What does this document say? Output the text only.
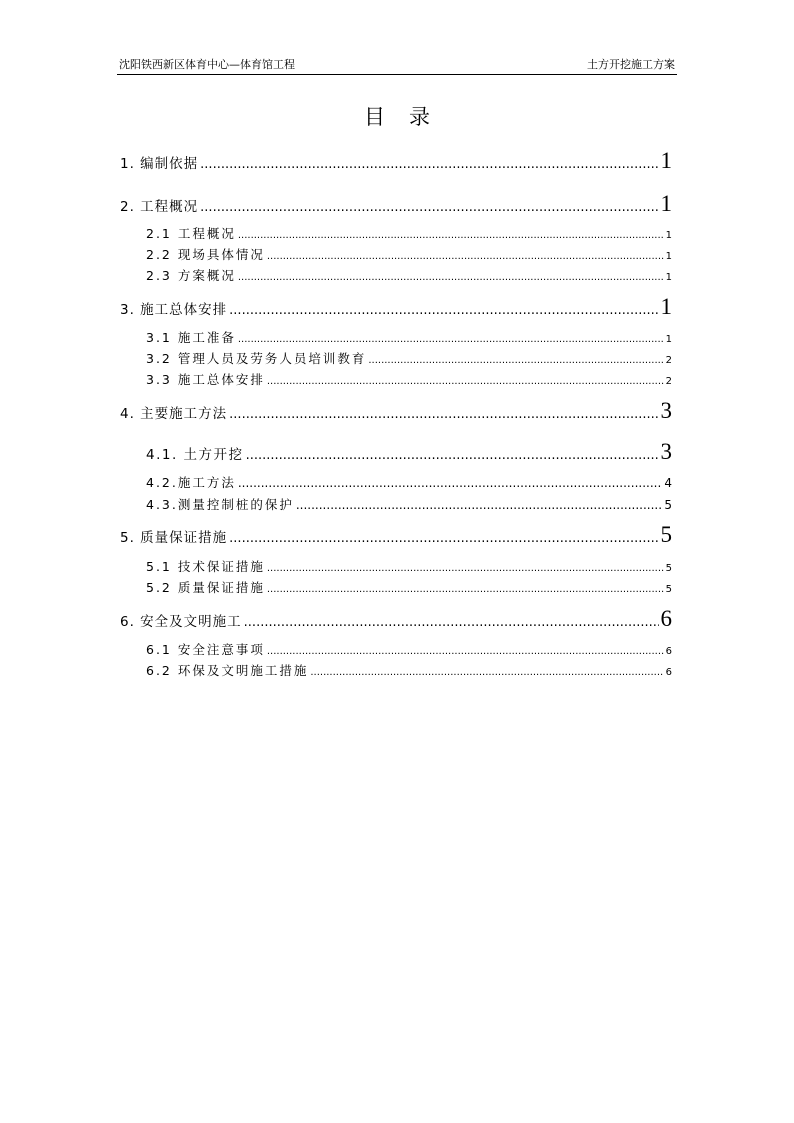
沈阳铁西新区体育中心—体育馆工程	土方开挖施工方案
目录
1. 编制依据 .....	1
2. 工程概况 .....	1
2.1 工程概况 .....	1
2.2 现场具体情况 .....	1
2.3 方案概况 .....	1
3. 施工总体安排 .....	1
3.1 施工准备 .....	1
3.2 管理人员及劳务人员培训教育 .....	2
3.3 施工总体安排 .....	2
4. 主要施工方法 .....	3
4.1. 土方开挖 .....	3
4.2.施工方法 .....	4
4.3.测量控制桩的保护 .....	5
5. 质量保证措施 .....	5
5.1 技术保证措施 .....	5
5.2 质量保证措施 .....	5
6. 安全及文明施工 .....	6
6.1 安全注意事项 .....	6
6.2 环保及文明施工措施 .....	6
